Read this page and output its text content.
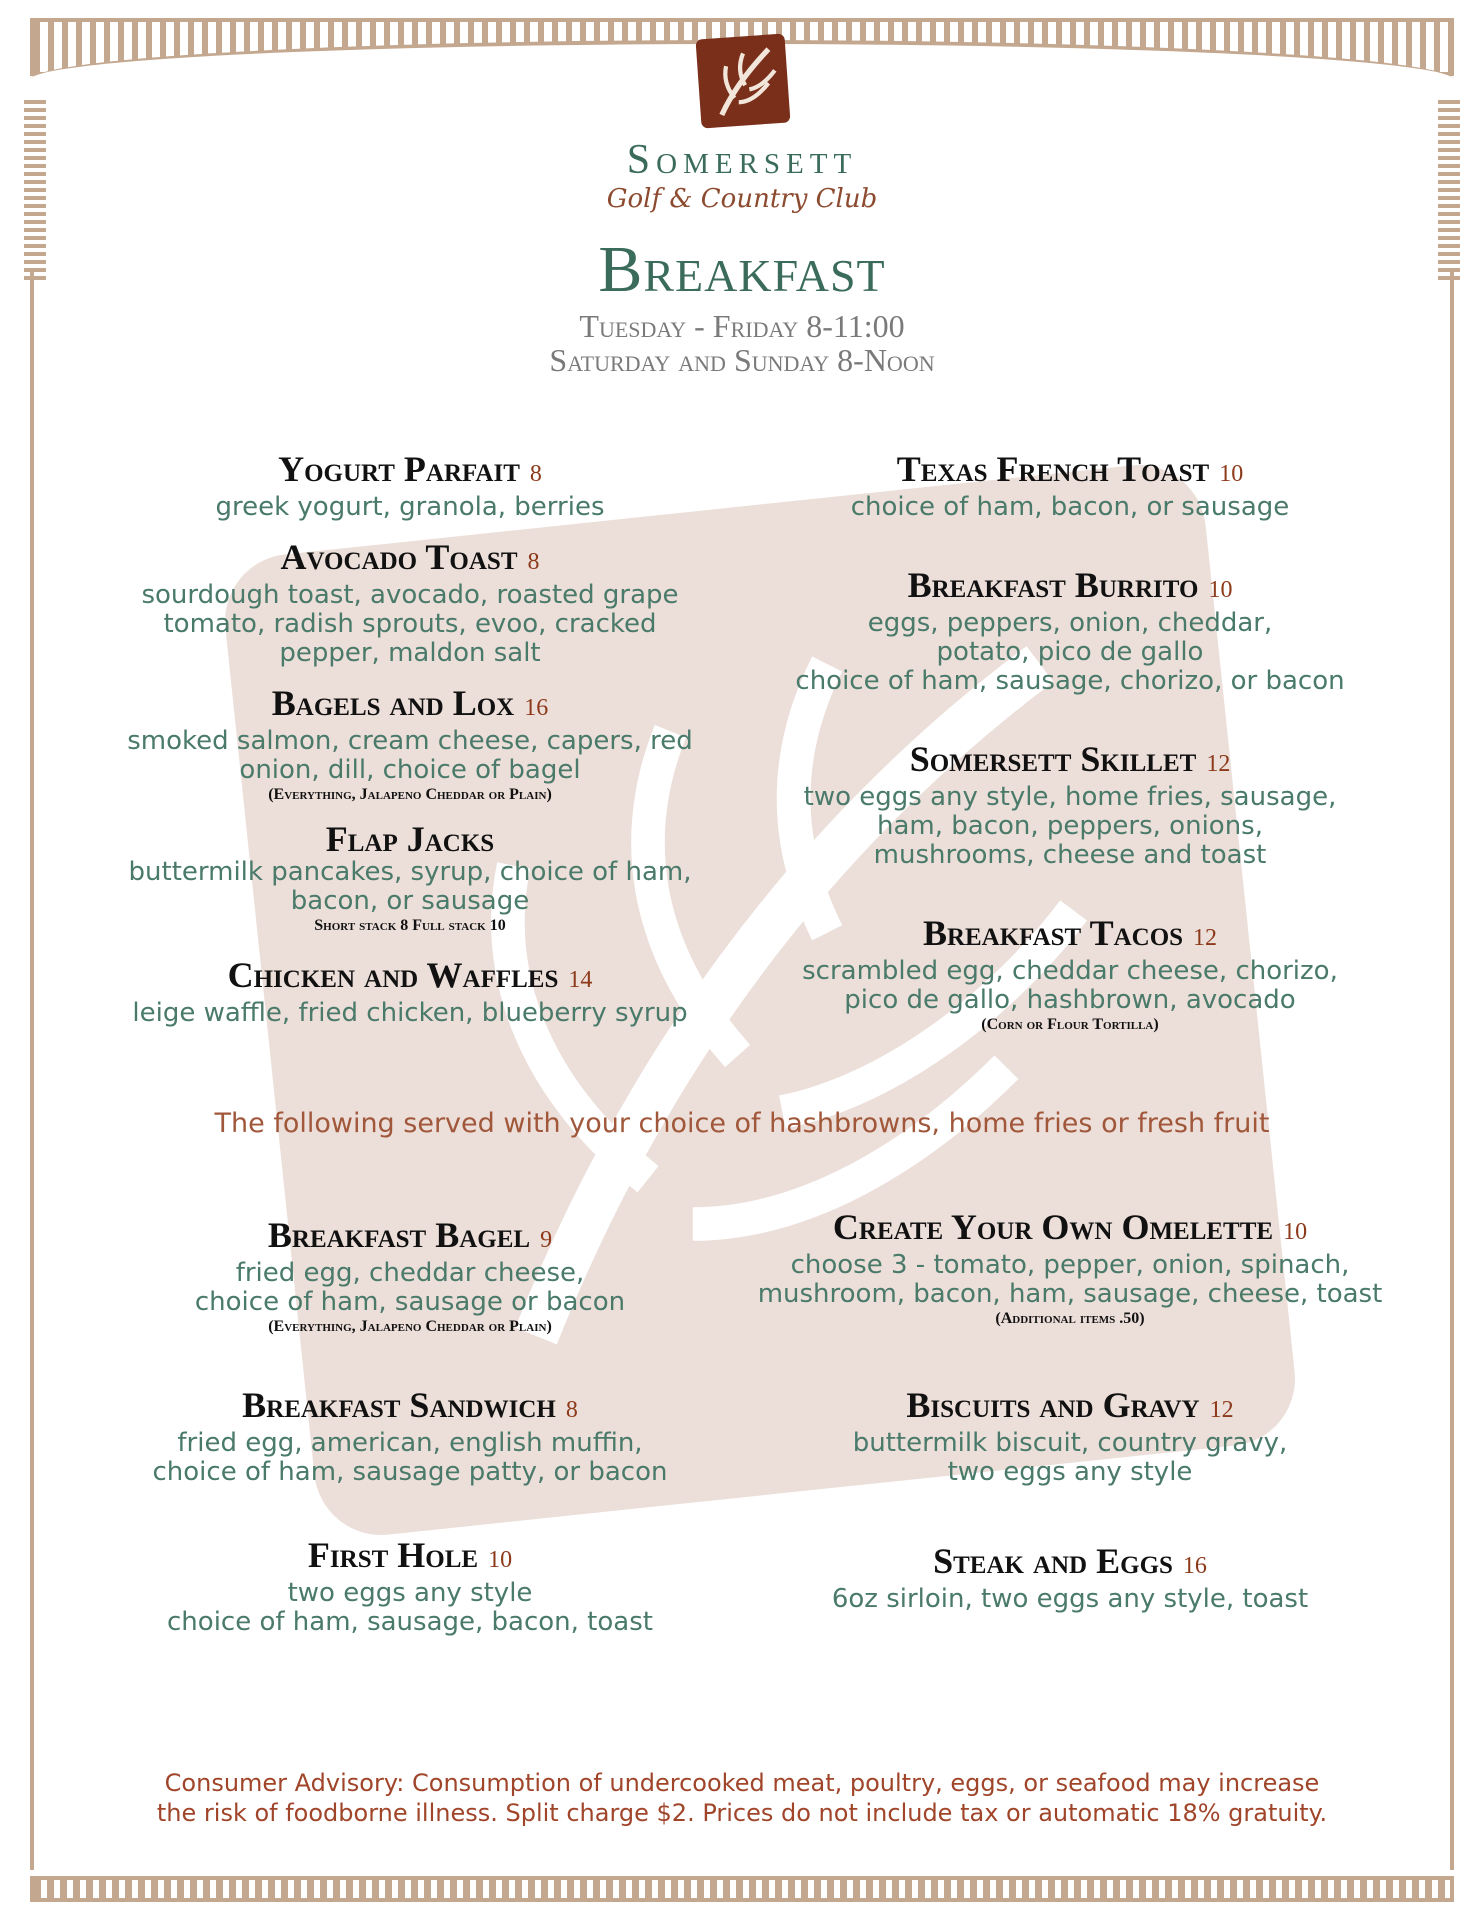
Somersett
Golf & Country Club
Breakfast
Tuesday - Friday 8-11:00
Saturday and Sunday 8-Noon
Yogurt Parfait 8
greek yogurt, granola, berries
Avocado Toast 8
sourdough toast, avocado, roasted grape
tomato, radish sprouts, evoo, cracked
pepper, maldon salt
Bagels and Lox 16
smoked salmon, cream cheese, capers, red
onion, dill, choice of bagel
(Everything, Jalapeno Cheddar or Plain)
Flap Jacks
buttermilk pancakes, syrup, choice of ham,
bacon, or sausage
Short stack 8 Full stack 10
Chicken and Waffles 14
leige waffle, fried chicken, blueberry syrup
Texas French Toast 10
choice of ham, bacon, or sausage
Breakfast Burrito 10
eggs, peppers, onion, cheddar,
potato, pico de gallo
choice of ham, sausage, chorizo, or bacon
Somersett Skillet 12
two eggs any style, home fries, sausage,
ham, bacon, peppers, onions,
mushrooms, cheese and toast
Breakfast Tacos 12
scrambled egg, cheddar cheese, chorizo,
pico de gallo, hashbrown, avocado
(Corn or Flour Tortilla)
The following served with your choice of hashbrowns, home fries or fresh fruit
Breakfast Bagel 9
fried egg, cheddar cheese,
choice of ham, sausage or bacon
(Everything, Jalapeno Cheddar or Plain)
Breakfast Sandwich 8
fried egg, american, english muffin,
choice of ham, sausage patty, or bacon
First Hole 10
two eggs any style
choice of ham, sausage, bacon, toast
Create Your Own Omelette 10
choose 3 - tomato, pepper, onion, spinach,
mushroom, bacon, ham, sausage, cheese, toast
(Additional items .50)
Biscuits and Gravy 12
buttermilk biscuit, country gravy,
two eggs any style
Steak and Eggs 16
6oz sirloin, two eggs any style, toast
Consumer Advisory: Consumption of undercooked meat, poultry, eggs, or seafood may increase
the risk of foodborne illness. Split charge $2. Prices do not include tax or automatic 18% gratuity.
